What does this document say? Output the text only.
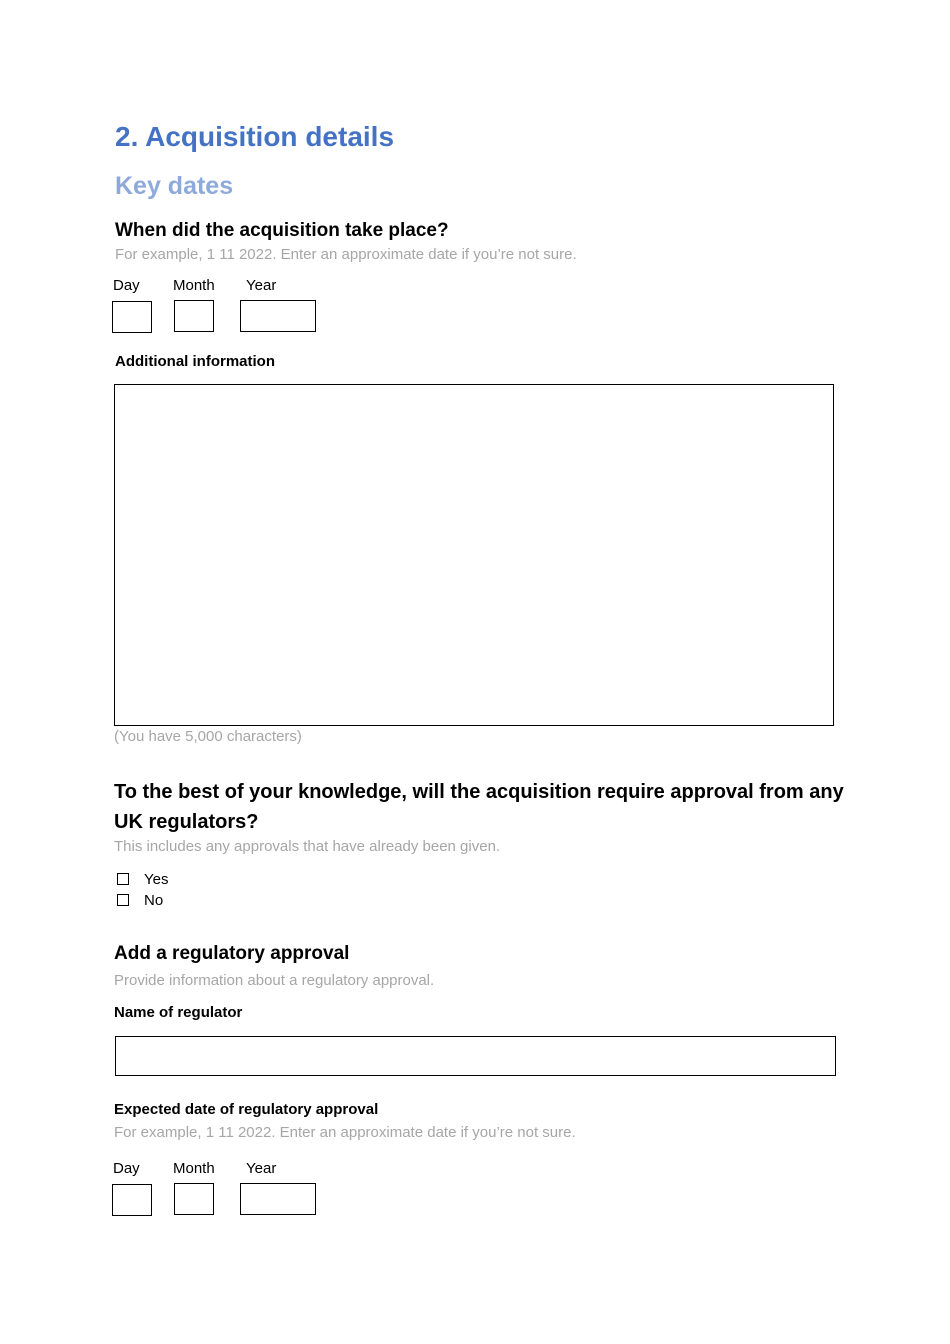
2. Acquisition details
Key dates
When did the acquisition take place?
For example, 1 11 2022. Enter an approximate date if you’re not sure.
Day Month Year
Additional information
(You have 5,000 characters)
To the best of your knowledge, will the acquisition require approval from any UK regulators?
This includes any approvals that have already been given.
Yes
No
Add a regulatory approval
Provide information about a regulatory approval.
Name of regulator
Expected date of regulatory approval
For example, 1 11 2022. Enter an approximate date if you’re not sure.
Day Month Year
